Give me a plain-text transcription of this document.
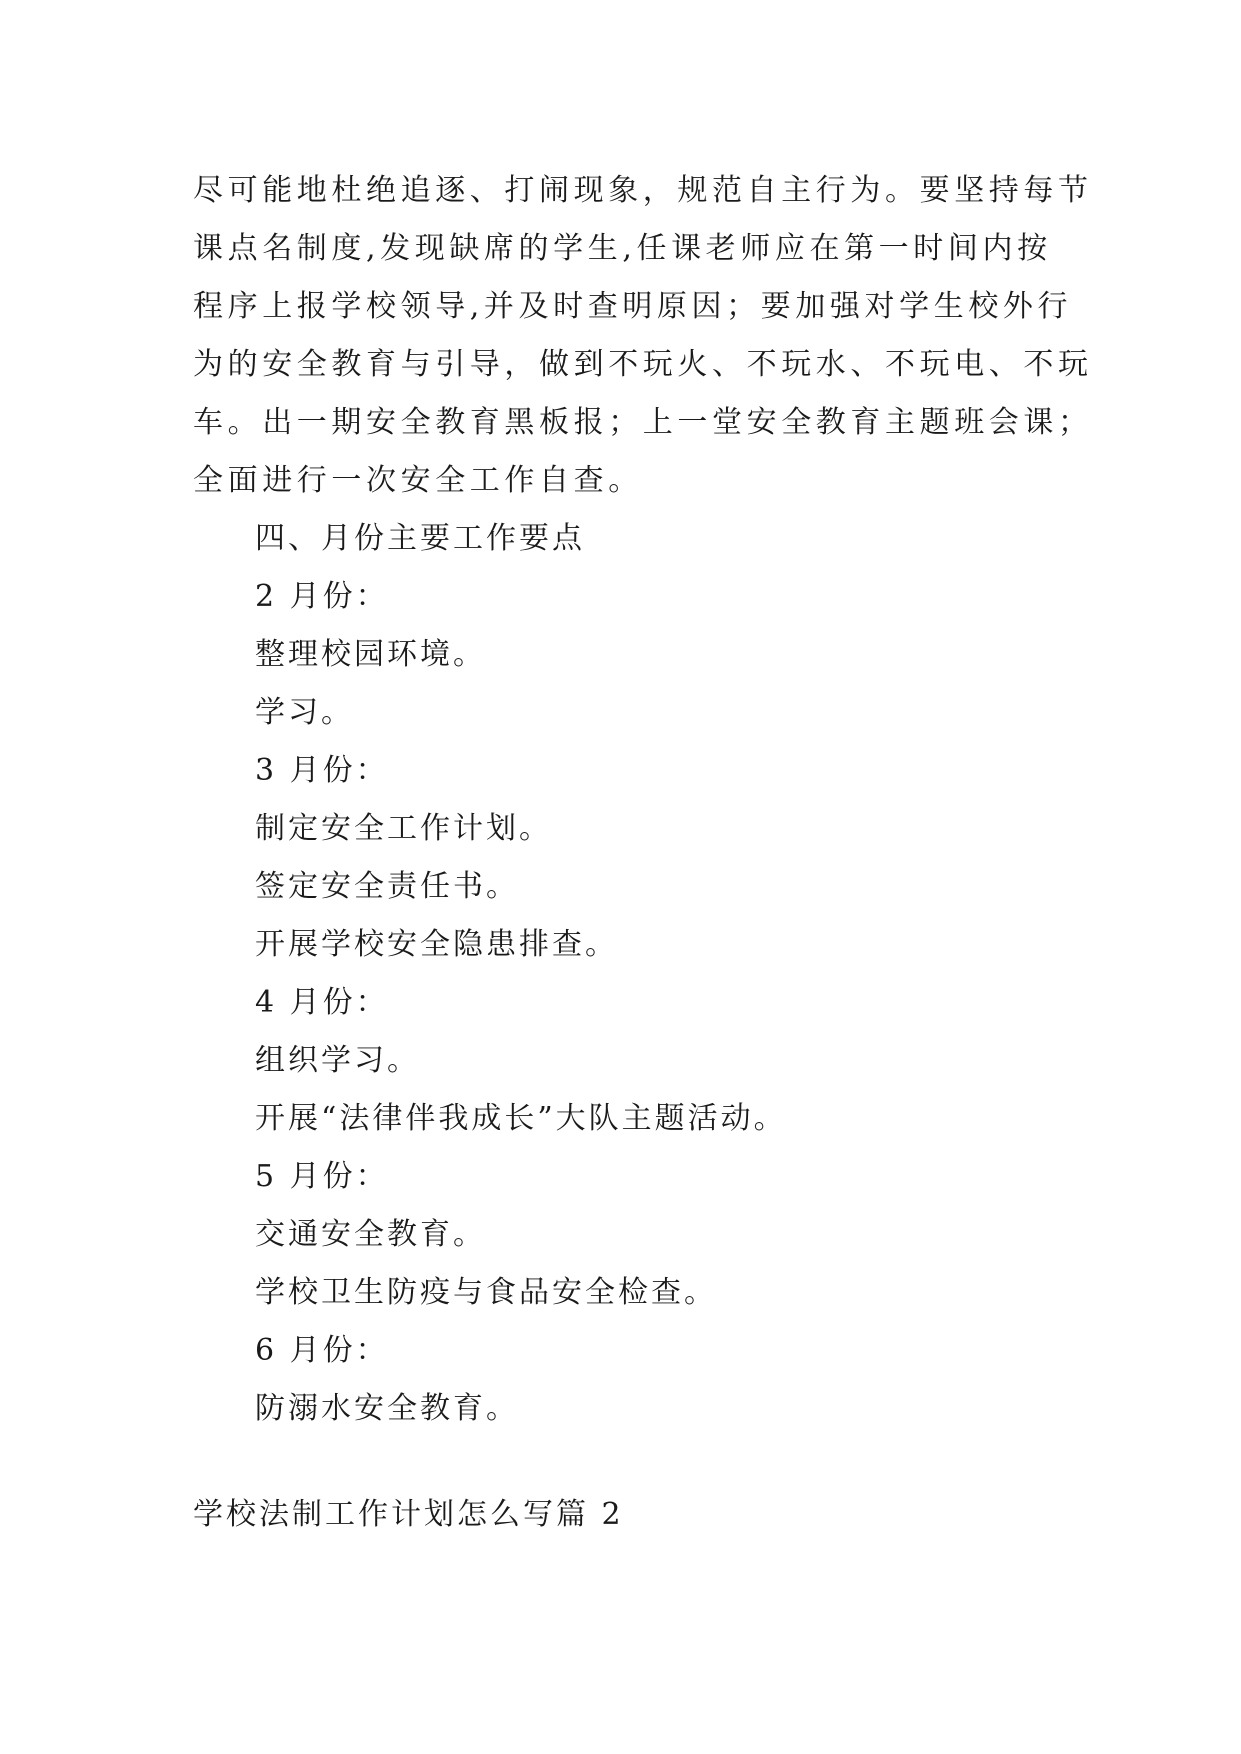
尽可能地杜绝追逐、打闹现象，规范自主行为。要坚持每节
课点名制度,发现缺席的学生,任课老师应在第一时间内按
程序上报学校领导,并及时查明原因；要加强对学生校外行
为的安全教育与引导，做到不玩火、不玩水、不玩电、不玩
车。出一期安全教育黑板报；上一堂安全教育主题班会课；
全面进行一次安全工作自查。
四、月份主要工作要点
2 月份：
整理校园环境。
学习。
3 月份：
制定安全工作计划。
签定安全责任书。
开展学校安全隐患排查。
4 月份：
组织学习。
开展“法律伴我成长”大队主题活动。
5 月份：
交通安全教育。
学校卫生防疫与食品安全检查。
6 月份：
防溺水安全教育。
学校法制工作计划怎么写篇 2
